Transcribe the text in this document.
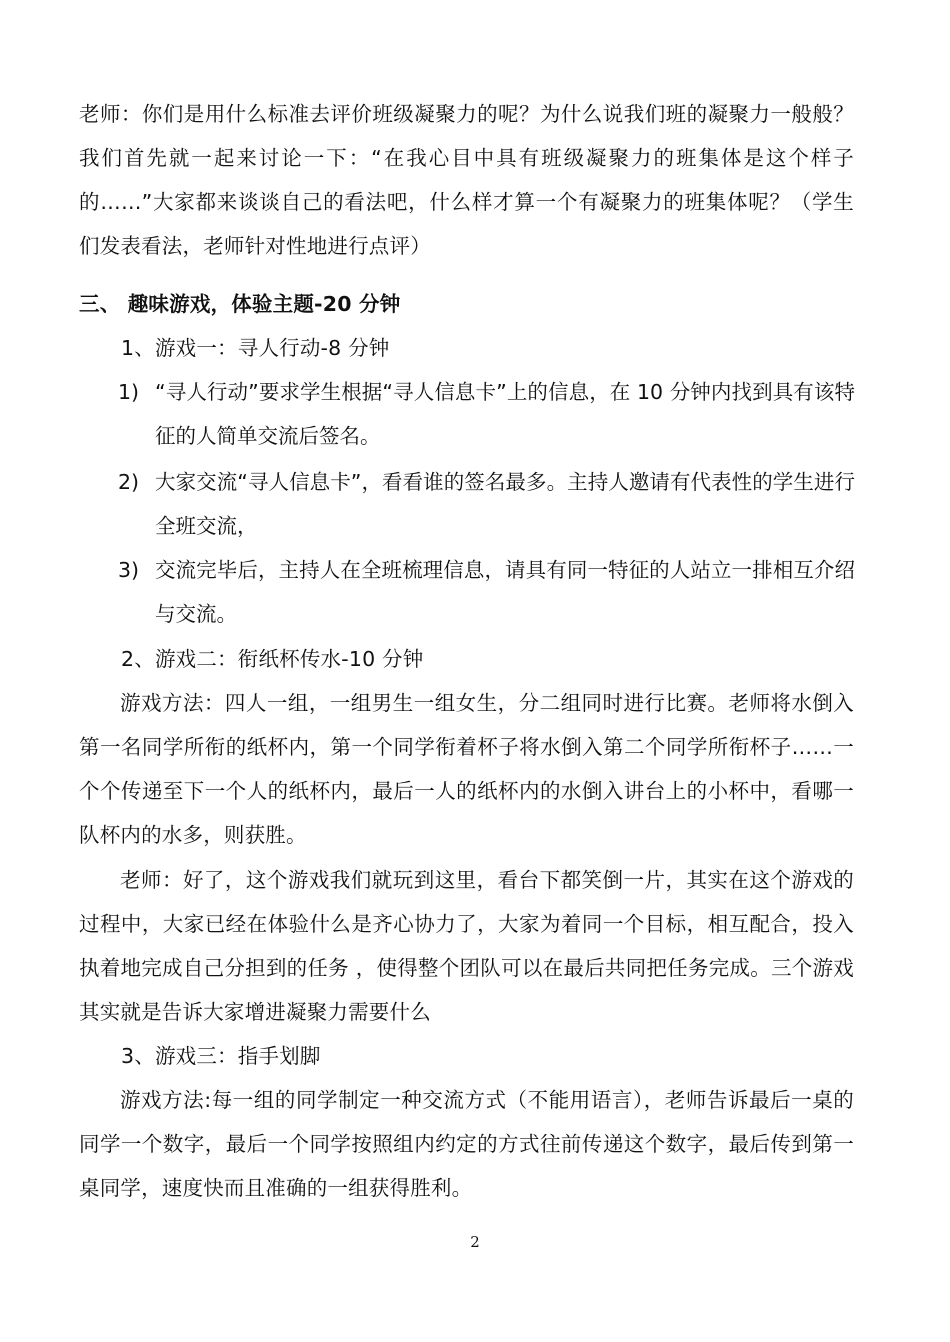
老师：你们是用什么标准去评价班级凝聚力的呢？为什么说我们班的凝聚力一般般？我们首先就一起来讨论一下：“在我心目中具有班级凝聚力的班集体是这个样子的……”大家都来谈谈自己的看法吧，什么样才算一个有凝聚力的班集体呢？（学生们发表看法，老师针对性地进行点评）

三、 趣味游戏，体验主题-20 分钟

1、游戏一：寻人行动-8 分钟

1) “寻人行动”要求学生根据“寻人信息卡”上的信息，在 10 分钟内找到具有该特征的人简单交流后签名。
2) 大家交流“寻人信息卡”，看看谁的签名最多。主持人邀请有代表性的学生进行全班交流，
3) 交流完毕后，主持人在全班梳理信息，请具有同一特征的人站立一排相互介绍与交流。

2、游戏二：衔纸杯传水-10 分钟

游戏方法：四人一组，一组男生一组女生，分二组同时进行比赛。老师将水倒入第一名同学所衔的纸杯内，第一个同学衔着杯子将水倒入第二个同学所衔杯子……一个个传递至下一个人的纸杯内，最后一人的纸杯内的水倒入讲台上的小杯中，看哪一队杯内的水多，则获胜。

老师：好了，这个游戏我们就玩到这里，看台下都笑倒一片，其实在这个游戏的过程中，大家已经在体验什么是齐心协力了，大家为着同一个目标，相互配合，投入执着地完成自己分担到的任务 ，使得整个团队可以在最后共同把任务完成。三个游戏其实就是告诉大家增进凝聚力需要什么

3、游戏三：指手划脚

游戏方法:每一组的同学制定一种交流方式（不能用语言），老师告诉最后一桌的同学一个数字，最后一个同学按照组内约定的方式往前传递这个数字，最后传到第一桌同学，速度快而且准确的一组获得胜利。

2
